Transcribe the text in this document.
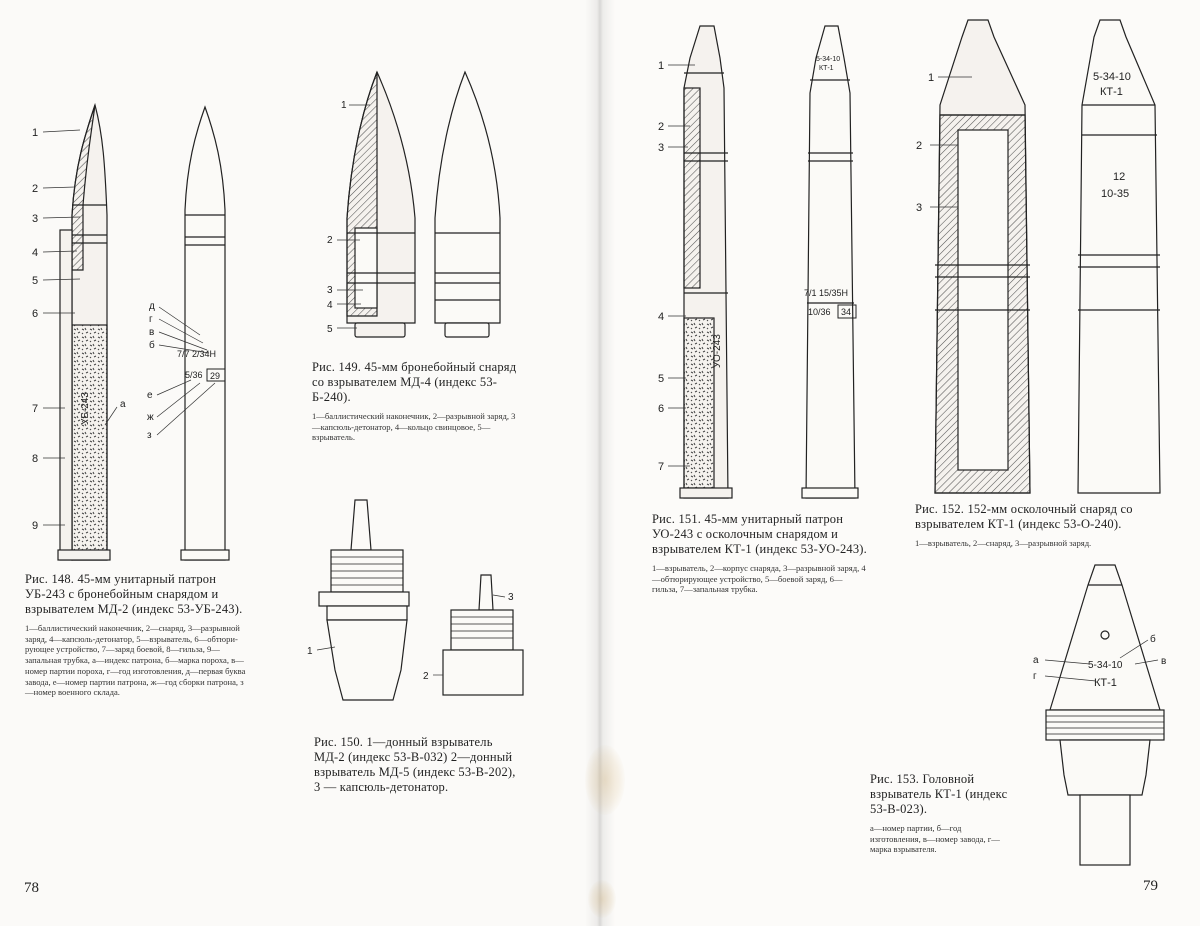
УБ-243
7/7 2/34Н
5/36 29
1
2
3
4
5
6
7
8
9
д
г
в
б
е
ж
з
а
Рис. 148. 45-мм унитарный патрон УБ-243 с бронебойным снарядом и взрывателем МД-2 (индекс 53-УБ-243).
1—баллистический наконечник, 2—снаряд, 3—разрывной заряд, 4—капсюль-детонатор, 5—взрыватель, 6—обтюрирующее устройство, 7—заряд боевой, 8—гильза, 9—запальная трубка, а—индекс патрона, б—марка пороха, в—номер партии пороха, г—год изготовления, д—первая буква завода, е—номер партии патрона, ж—год сборки патрона, з—номер военного склада.
1
2
3
4
5
Рис. 149. 45-мм бронебойный снаряд со взрывателем МД-4 (индекс 53-Б-240).
1—баллистический наконечник, 2—разрывной заряд, 3—капсюль-детонатор, 4—кольцо свинцовое, 5—взрыватель.
1
2
3
Рис. 150. 1—донный взрыватель МД-2 (индекс 53-В-032) 2—донный взрыватель МД-5 (индекс 53-В-202), 3 — капсюль-детонатор.
78
5-34-10
КТ-1
7/1 15/35Н
10/36 34
УО-243
1
2
3
4
5
6
7
Рис. 151. 45-мм унитарный патрон УО-243 с осколочным снарядом и взрывателем КТ-1 (индекс 53-УО-243).
1—взрыватель, 2—корпус снаряда, 3—разрывной заряд, 4—обтюрирующее устройство, 5—боевой заряд, 6—гильза, 7—запальная трубка.
5-34-10
КТ-1
12
10-35
1
2
3
Рис. 152. 152-мм осколочный снаряд со взрывателем КТ-1 (индекс 53-О-240).
1—взрыватель, 2—снаряд, 3—разрывной заряд.
5-34-10
КТ-1
а
б
в
г
Рис. 153. Головной взрыватель КТ-1 (индекс 53-В-023).
а—номер партии, б—год изготовления, в—номер завода, г—марка взрывателя.
79
